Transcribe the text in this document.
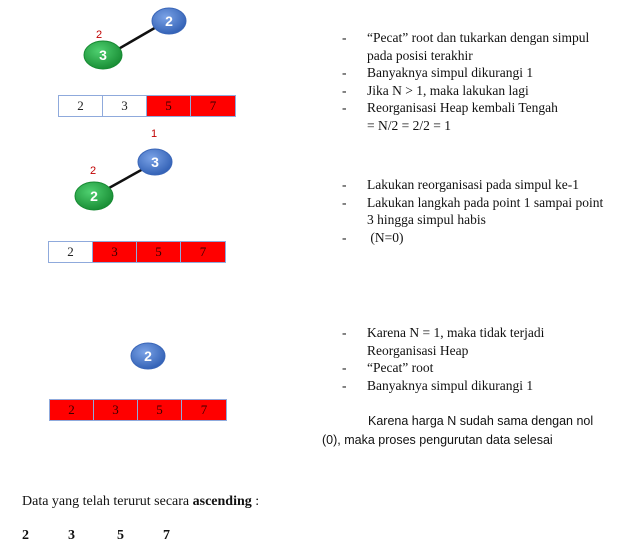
2
2
3
1
2
3
2
2
2	3	5	7
2	3	5	7
2	3	5	7
- “Pecat” root dan tukarkan dengan simpul pada posisi terakhir
- Banyaknya simpul dikurangi 1
- Jika N > 1, maka lakukan lagi
- Reorganisasi Heap kembali Tengah = N/2 = 2/2 = 1
- Lakukan reorganisasi pada simpul ke-1
- Lakukan langkah pada point 1 sampai point 3 hingga simpul habis
-  (N=0)
- Karena N = 1, maka tidak terjadi Reorganisasi Heap
- “Pecat” root
- Banyaknya simpul dikurangi 1
Karena harga N sudah sama dengan nol
(0), maka proses pengurutan data selesai
Data yang telah terurut secara ascending :
2	3	5	7
